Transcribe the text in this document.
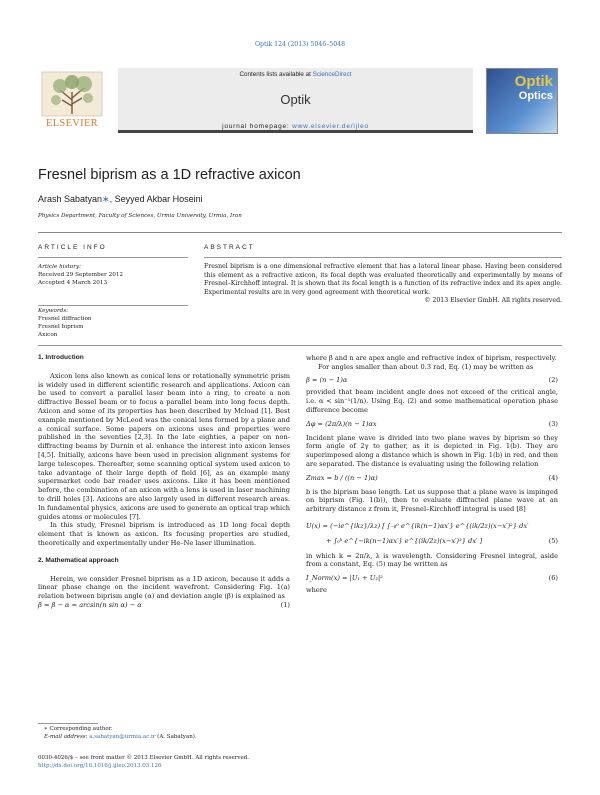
Optik 124 (2013) 5046–5048
ELSEVIER
Contents lists available at ScienceDirect
Optik
journal homepage: www.elsevier.de/ijleo
Optik
Optics
Fresnel biprism as a 1D refractive axicon
Arash Sabatyan∗, Seyyed Akbar Hoseini
Physics Department, Faculty of Sciences, Urmia University, Urmia, Iran
ARTICLE INFO	ABSTRACT
Article history:
Received 29 September 2012
Accepted 4 March 2013
Keywords:
Fresnel diffraction
Fresnel biprism
Axicon
Fresnel biprism is a one dimensional refractive element that has a lateral linear phase. Having been considered this element as a refractive axicon, its focal depth was evaluated theoretically and experimentally by means of Fresnel–Kirchhoff integral. It is shown that its focal length is a function of its refractive index and its apex angle. Experimental results are in very good agreement with theoretical work.
© 2013 Elsevier GmbH. All rights reserved.
1. Introduction

Axicon lens also known as conical lens or rotationally symmetric prism is widely used in different scientific research and applications. Axicon can be used to convert a parallel laser beam into a ring, to create a non diffractive Bessel beam or to focus a parallel beam into long focus depth. Axicon and some of its properties has been described by Mcload [1]. Best example mentioned by McLeod was the conical lens formed by a plane and a conical surface. Some papers on axicons uses and properties were published in the seventies [2,3]. In the late eighties, a paper on non-diffracting beams by Durnin et al. enhance the interest into axicon lenses [4,5]. Initially, axicons have been used in precision alignment systems for large telescopes. Thereafter, some scanning optical system used axicon to take advantage of their large depth of field [6], as an example many supermarket code bar reader uses axicons. Like it has been mentioned before, the combination of an axicon with a lens is used in laser machining to drill holes [3]. Axicons are also largely used in different research areas. In fundamental physics, axicons are used to generate an optical trap which guides atoms or molecules [7].

In this study, Fresnel biprism is introduced as 1D long focal depth element that is known as axicon. Its focusing properties are studied, theoretically and experimentally under He–Ne laser illumination.

2. Mathematical approach

Herein, we consider Fresnel biprism as a 1D axicon, because it adds a linear phase change on the incident wavefront. Considering Fig. 1(a) relation between biprism angle (α) and deviation angle (β) is explained as

β = β − α = arcsin(n sin α) − α	(1)

where β and n are apex angle and refractive index of biprism, respectively.

For angles smaller than about 0.3 rad, Eq. (1) may be written as

β = (n − 1)α	(2)

provided that beam incident angle does not exceed of the critical angle, i.e. α < sin⁻¹(1/n). Using Eq. (2) and some mathematical operation phase difference become

Δφ = (2π/λ)(n − 1)αx	(3)

Incident plane wave is divided into two plane waves by biprism so they form angle of 2γ to gather, as it is depicted in Fig. 1(b). They are superimposed along a distance which is shown in Fig. 1(b) in red, and then are separated. The distance is evaluating using the following relation

Zmax = b / ((n − 1)α)	(4)

b is the biprism base length. Let us suppose that a plane wave is impinged on biprism (Fig. 1(b)), then to evaluate diffracted plane wave at an arbitrary distance z from it, Fresnel–Kirchhoff integral is used [8]

U(x) = (−ie^{ikz}/λz) [ ∫₋ᵦ⁰ e^{ik(n−1)αx′} e^{(ik/2z)(x−x′)²} dx′
+ ∫₀ᵇ e^{−ik(n−1)αx′} e^{(ik/2z)(x−x′)²} dx′ ]	(5)

in which k = 2π/λ, λ is wavelength. Considering Fresnel integral, aside from a constant, Eq. (5) may be written as

I_Norm(x) = |U₁ + U₂|²	(6)

where

∗ Corresponding author.
E-mail address: a.sabatyan@urmia.ac.ir (A. Sabatyan).
0030-4026/$ – see front matter © 2013 Elsevier GmbH. All rights reserved.
http://dx.doi.org/10.1016/j.ijleo.2013.03.126
